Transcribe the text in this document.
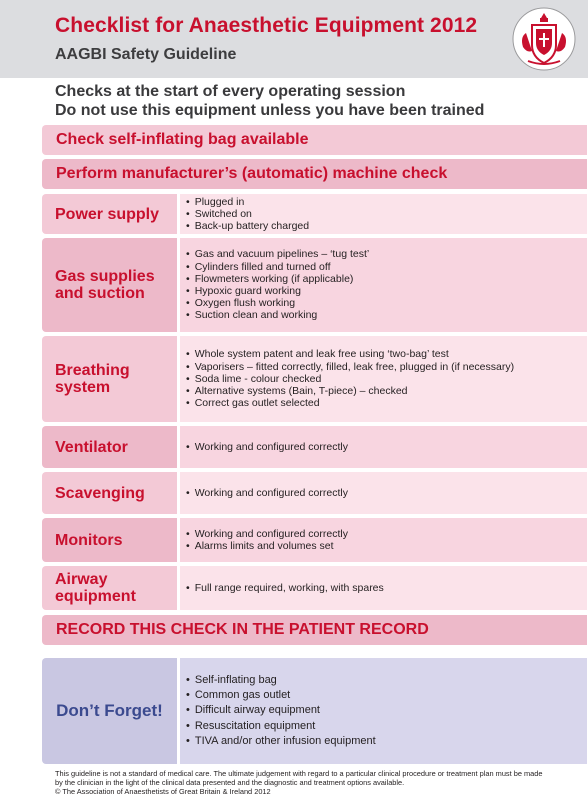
Checklist for Anaesthetic Equipment 2012
AAGBI Safety Guideline
Checks at the start of every operating session
Do not use this equipment unless you have been trained
Check self-inflating bag available
Perform manufacturer’s (automatic) machine check
Power supply
• Plugged in
• Switched on
• Back-up battery charged
Gas supplies
and suction
• Gas and vacuum pipelines – ‘tug test’
• Cylinders filled and turned off
• Flowmeters working (if applicable)
• Hypoxic guard working
• Oxygen flush working
• Suction clean and working
Breathing
system
• Whole system patent and leak free using ‘two-bag’ test
• Vaporisers – fitted correctly, filled, leak free, plugged in (if necessary)
• Soda lime - colour checked
• Alternative systems (Bain, T-piece) – checked
• Correct gas outlet selected
Ventilator	• Working and configured correctly
Scavenging	• Working and configured correctly
Monitors	• Working and configured correctly
• Alarms limits and volumes set
Airway
equipment
• Full range required, working, with spares
RECORD THIS CHECK IN THE PATIENT RECORD
Don’t Forget!
• Self-inflating bag
• Common gas outlet
• Difficult airway equipment
• Resuscitation equipment
• TIVA and/or other infusion equipment
This guideline is not a standard of medical care. The ultimate judgement with regard to a particular clinical procedure or treatment plan must be made
by the clinician in the light of the clinical data presented and the diagnostic and treatment options available.
© The Association of Anaesthetists of Great Britain & Ireland 2012
